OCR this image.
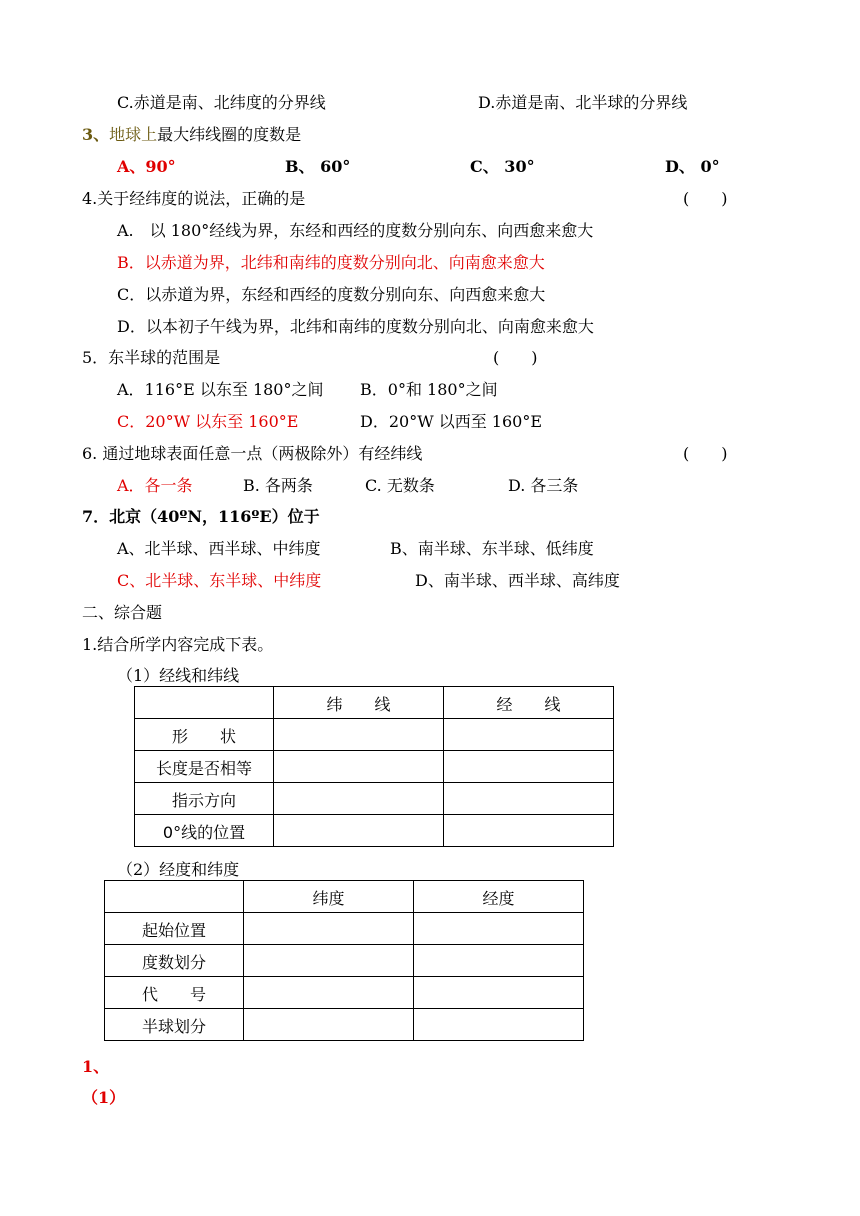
C.赤道是南、北纬度的分界线	D.赤道是南、北半球的分界线
3、地球上最大纬线圈的度数是
A、90°	B、 60°	C、 30°	D、 0°
4.关于经纬度的说法，正确的是	(　　)
A.　以 180°经线为界，东经和西经的度数分别向东、向西愈来愈大
B．以赤道为界，北纬和南纬的度数分别向北、向南愈来愈大
C．以赤道为界，东经和西经的度数分别向东、向西愈来愈大
D．以本初子午线为界，北纬和南纬的度数分别向北、向南愈来愈大
5．东半球的范围是	(　　)
A．116°E 以东至 180°之间 B．0°和 180°之间
C．20°W 以东至 160°E	D．20°W 以西至 160°E
6. 通过地球表面任意一点（两极除外）有经纬线	(　　)
A．各一条	B. 各两条	C. 无数条	D. 各三条
7．北京（40ºN，116ºE）位于
A、北半球、西半球、中纬度	B、南半球、东半球、低纬度
C、北半球、东半球、中纬度	D、南半球、西半球、高纬度
二、综合题
1.结合所学内容完成下表。
（1）经线和纬线
	纬　　线	经　　线
形　　状		
长度是否相等		
指示方向		
0°线的位置		
（2）经度和纬度
	纬度	经度
起始位置		
度数划分		
代　　号		
半球划分		
1、
（1）
